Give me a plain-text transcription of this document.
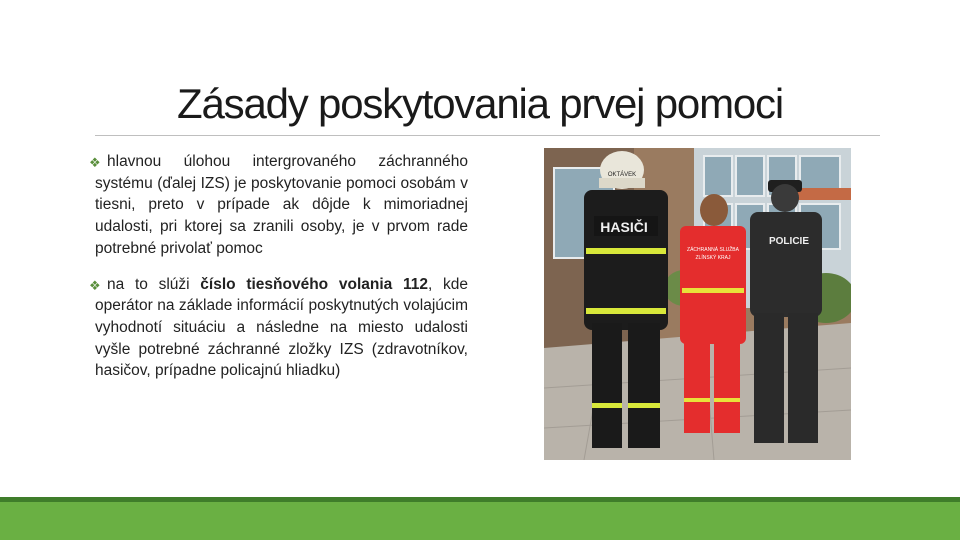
Zásady poskytovania prvej pomoci
❖ hlavnou úlohou intergrovaného záchranného systému (ďalej IZS) je poskytovanie pomoci osobám v tiesni, preto v prípade ak dôjde k mimoriadnej udalosti, pri ktorej sa zranili osoby, je v prvom rade potrebné privolať pomoc
❖ na to slúži číslo tiesňového volania 112, kde operátor na základe informácií poskytnutých volajúcim vyhodnotí situáciu a následne na miesto udalosti vyšle potrebné záchranné zložky IZS (zdravotníkov, hasičov, prípadne policajnú hliadku)
OKTÁVEK
HASIČI
ZÁCHRANNÁ SLUŽBA
ZLÍNSKÝ KRAJ
POLICIE
